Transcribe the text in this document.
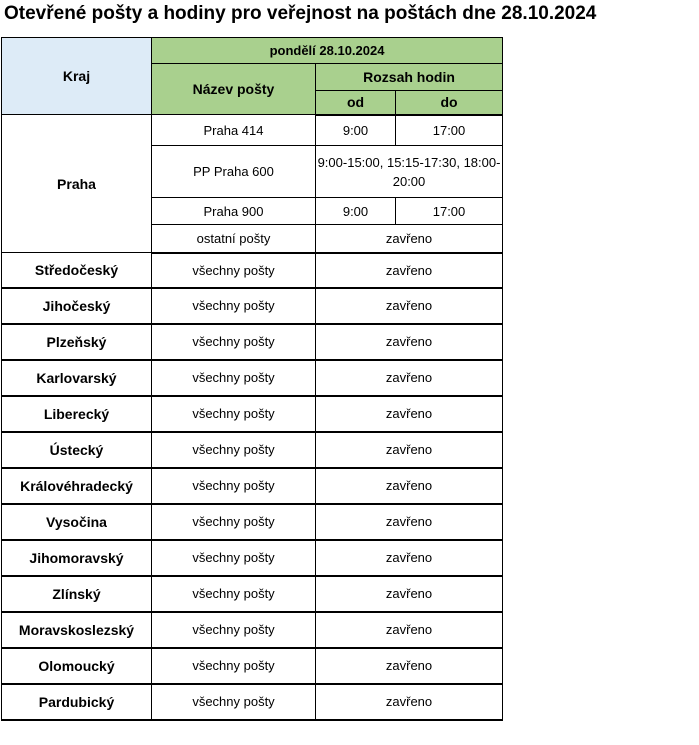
Otevřené pošty a hodiny pro veřejnost na poštách dne 28.10.2024
Kraj	pondělí 28.10.2024		
	Název pošty	Rozsah hodin	
		od	do
Praha	Praha 414	9:00	17:00
	PP Praha 600	9:00-15:00, 15:15-17:30, 18:00-20:00	
	Praha 900	9:00	17:00
	ostatní pošty	zavřeno	
Středočeský	všechny pošty	zavřeno	
Jihočeský	všechny pošty	zavřeno	
Plzeňský	všechny pošty	zavřeno	
Karlovarský	všechny pošty	zavřeno	
Liberecký	všechny pošty	zavřeno	
Ústecký	všechny pošty	zavřeno	
Královéhradecký	všechny pošty	zavřeno	
Vysočina	všechny pošty	zavřeno	
Jihomoravský	všechny pošty	zavřeno	
Zlínský	všechny pošty	zavřeno	
Moravskoslezský	všechny pošty	zavřeno	
Olomoucký	všechny pošty	zavřeno	
Pardubický	všechny pošty	zavřeno	
